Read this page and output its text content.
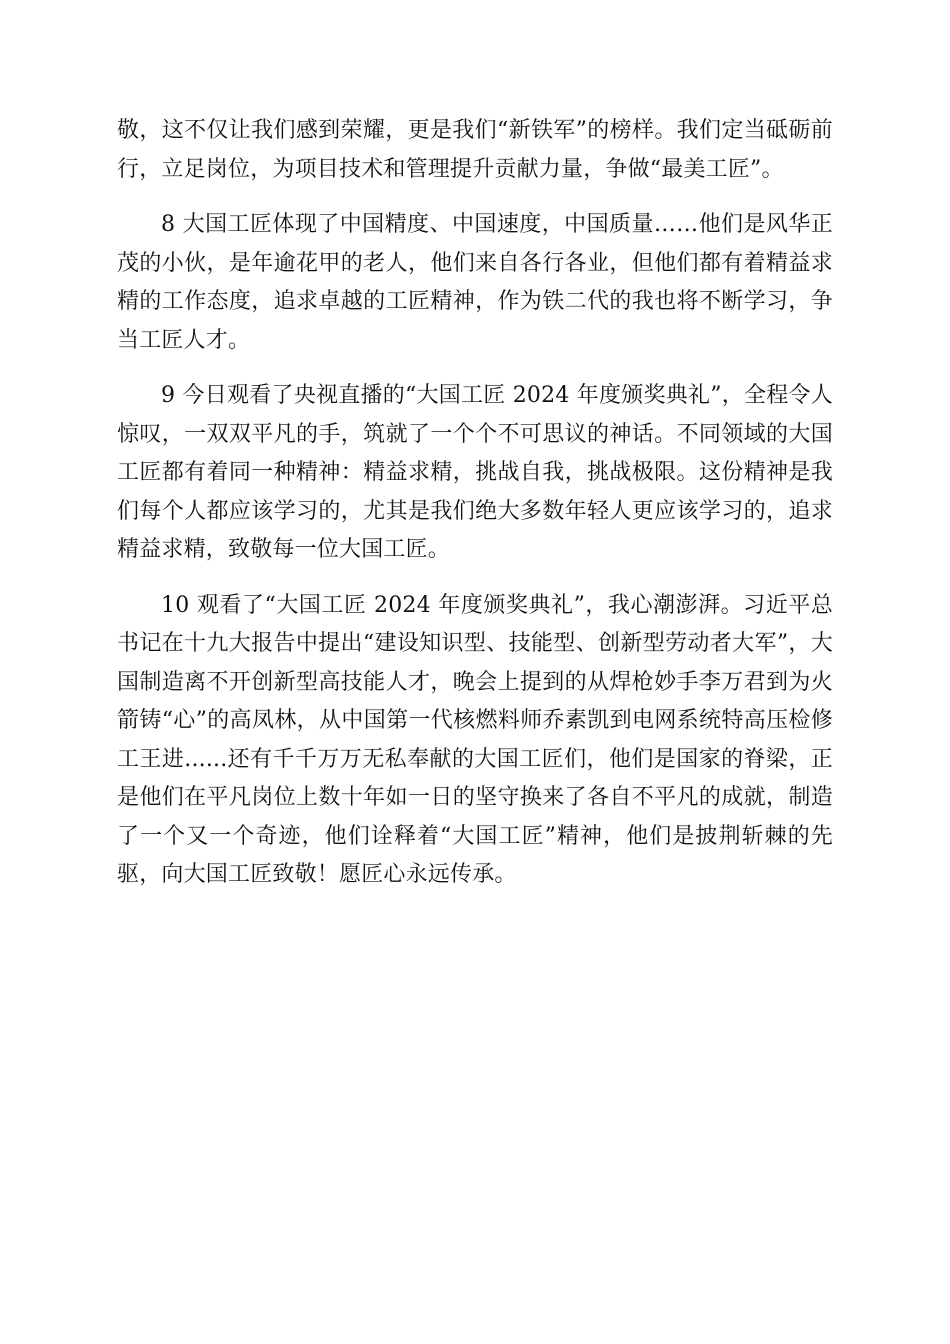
敬，这不仅让我们感到荣耀，更是我们“新铁军”的榜样。我们定当砥砺前行，立足岗位，为项目技术和管理提升贡献力量，争做“最美工匠”。

8 大国工匠体现了中国精度、中国速度，中国质量……他们是风华正茂的小伙，是年逾花甲的老人，他们来自各行各业，但他们都有着精益求精的工作态度，追求卓越的工匠精神，作为铁二代的我也将不断学习，争当工匠人才。

9 今日观看了央视直播的“大国工匠 2024 年度颁奖典礼”，全程令人惊叹，一双双平凡的手，筑就了一个个不可思议的神话。不同领域的大国工匠都有着同一种精神：精益求精，挑战自我，挑战极限。这份精神是我们每个人都应该学习的，尤其是我们绝大多数年轻人更应该学习的，追求精益求精，致敬每一位大国工匠。

10 观看了“大国工匠 2024 年度颁奖典礼”，我心潮澎湃。习近平总书记在十九大报告中提出“建设知识型、技能型、创新型劳动者大军”，大国制造离不开创新型高技能人才，晚会上提到的从焊枪妙手李万君到为火箭铸“心”的高凤林，从中国第一代核燃料师乔素凯到电网系统特高压检修工王进......还有千千万万无私奉献的大国工匠们，他们是国家的脊梁，正是他们在平凡岗位上数十年如一日的坚守换来了各自不平凡的成就，制造了一个又一个奇迹，他们诠释着“大国工匠”精神，他们是披荆斩棘的先驱，向大国工匠致敬！愿匠心永远传承。
